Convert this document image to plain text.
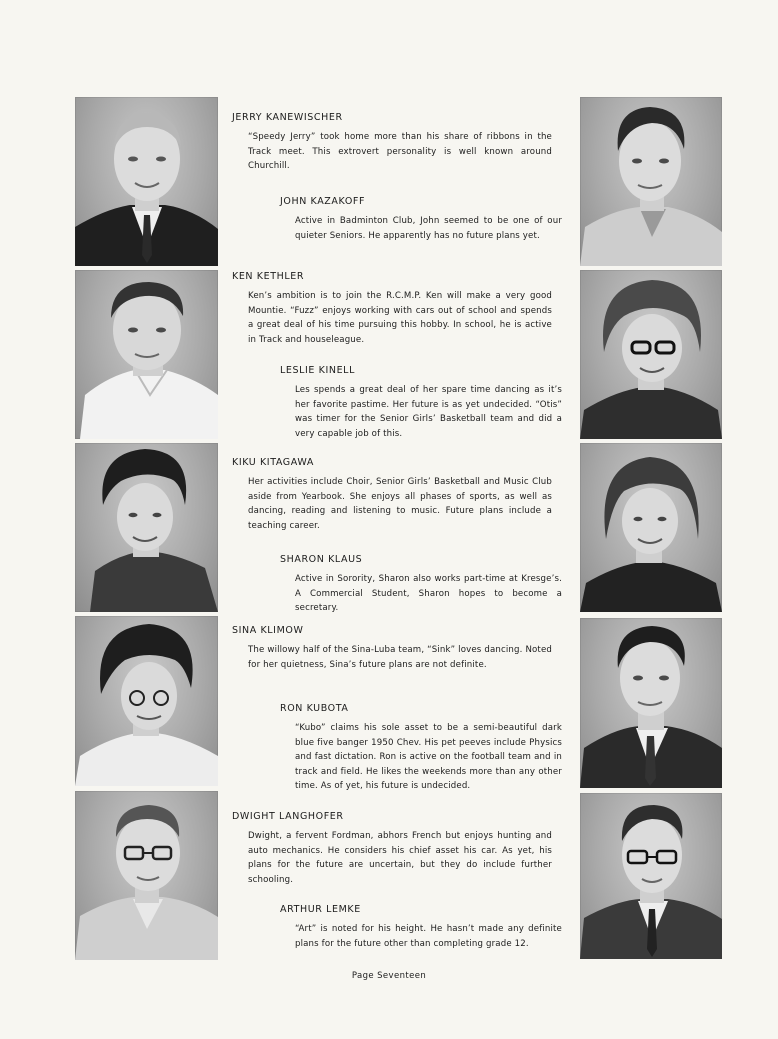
JERRY KANEWISCHER
“Speedy Jerry” took home more than his share of ribbons in the Track meet. This extrovert personality is well known around Churchill.
JOHN KAZAKOFF
Active in Badminton Club, John seemed to be one of our quieter Seniors. He apparently has no future plans yet.
KEN KETHLER
Ken’s ambition is to join the R.C.M.P. Ken will make a very good Mountie. “Fuzz” enjoys working with cars out of school and spends a great deal of his time pursuing this hobby. In school, he is active in Track and houseleague.
LESLIE KINELL
Les spends a great deal of her spare time dancing as it’s her favorite pastime. Her future is as yet undecided. “Otis” was timer for the Senior Girls’ Basketball team and did a very capable job of this.
KIKU KITAGAWA
Her activities include Choir, Senior Girls’ Basketball and Music Club aside from Yearbook. She enjoys all phases of sports, as well as dancing, reading and listening to music. Future plans include a teaching career.
SHARON KLAUS
Active in Sorority, Sharon also works part-time at Kresge’s. A Commercial Student, Sharon hopes to become a secretary.
SINA KLIMOW
The willowy half of the Sina-Luba team, “Sink” loves dancing. Noted for her quietness, Sina’s future plans are not definite.
RON KUBOTA
“Kubo” claims his sole asset to be a semi-beautiful dark blue five banger 1950 Chev. His pet peeves include Physics and fast dictation. Ron is active on the football team and in track and field. He likes the weekends more than any other time. As of yet, his future is undecided.
DWIGHT LANGHOFER
Dwight, a fervent Fordman, abhors French but enjoys hunting and auto mechanics. He considers his chief asset his car. As yet, his plans for the future are uncertain, but they do include further schooling.
ARTHUR LEMKE
“Art” is noted for his height. He hasn’t made any definite plans for the future other than completing grade 12.
Page Seventeen
